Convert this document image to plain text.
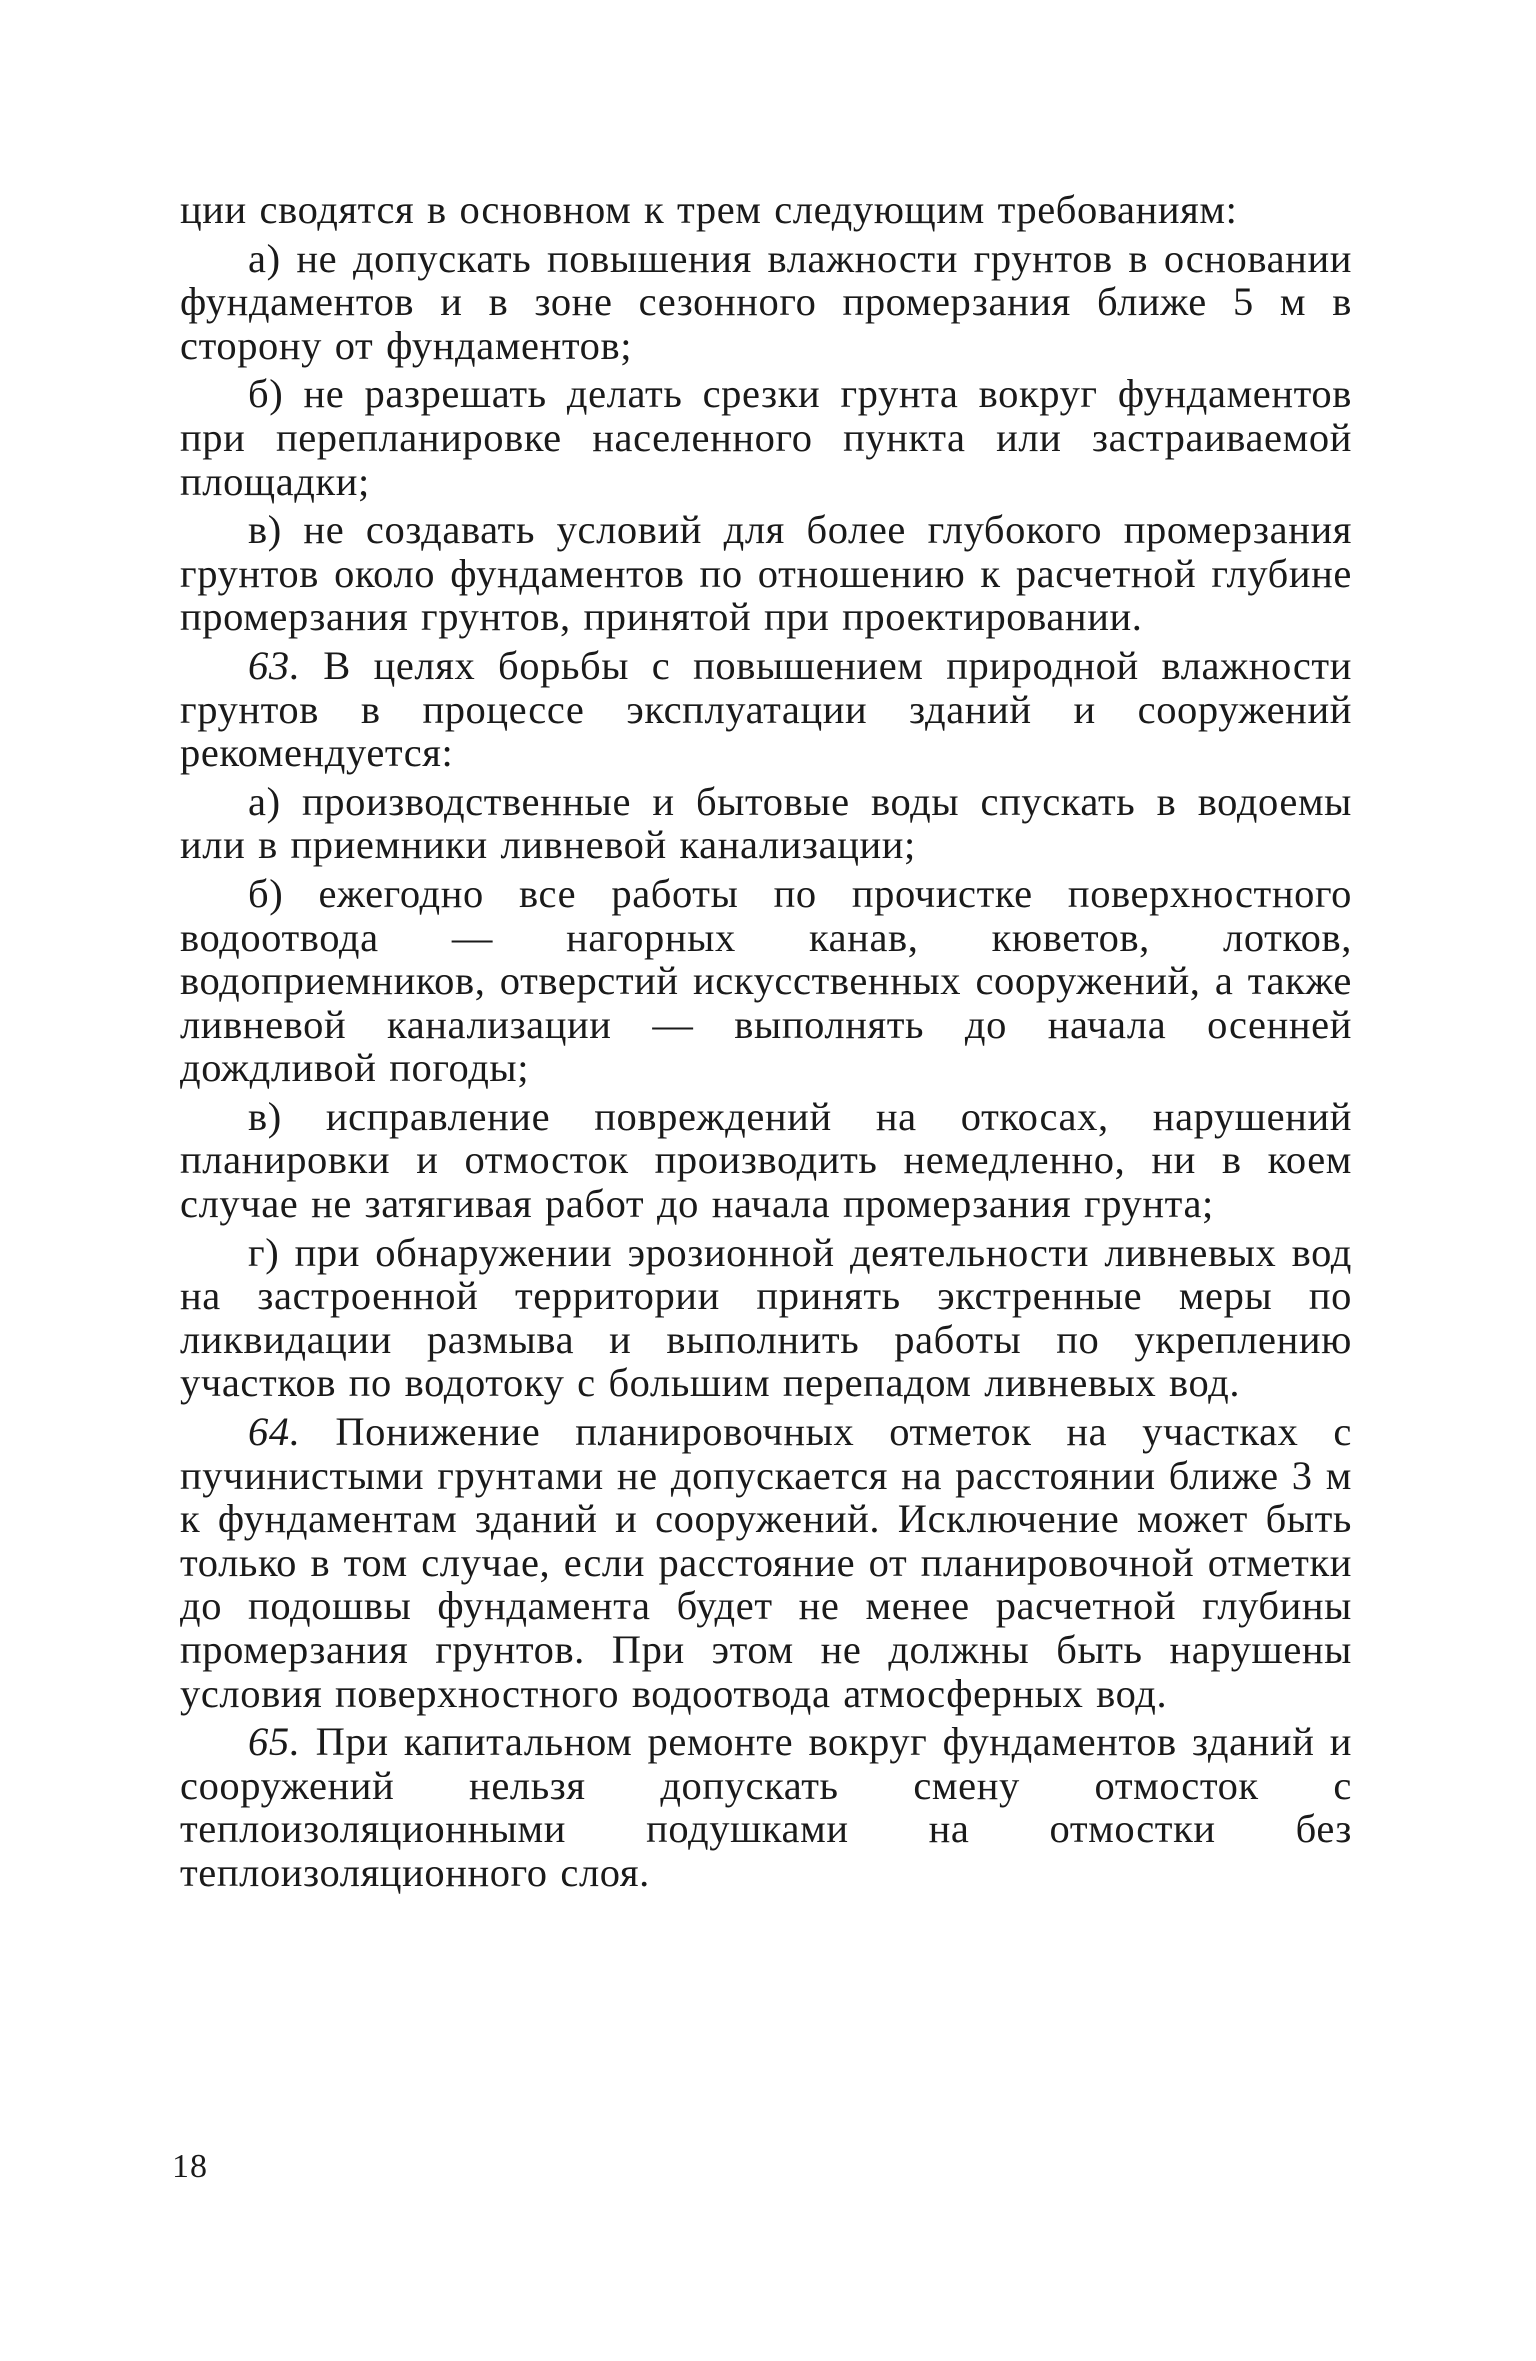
ции сводятся в основном к трем следующим требованиям:

а) не допускать повышения влажности грунтов в основании фундаментов и в зоне сезонного промерзания ближе 5 м в сторону от фундаментов;

б) не разрешать делать срезки грунта вокруг фундаментов при перепланировке населенного пункта или застраиваемой площадки;

в) не создавать условий для более глубокого промерзания грунтов около фундаментов по отношению к расчетной глубине промерзания грунтов, принятой при проектировании.

63. В целях борьбы с повышением природной влажности грунтов в процессе эксплуатации зданий и сооружений рекомендуется:

а) производственные и бытовые воды спускать в водоемы или в приемники ливневой канализации;

б) ежегодно все работы по прочистке поверхностного водоотвода — нагорных канав, кюветов, лотков, водоприемников, отверстий искусственных сооружений, а также ливневой канализации — выполнять до начала осенней дождливой погоды;

в) исправление повреждений на откосах, нарушений планировки и отмосток производить немедленно, ни в коем случае не затягивая работ до начала промерзания грунта;

г) при обнаружении эрозионной деятельности ливневых вод на застроенной территории принять экстренные меры по ликвидации размыва и выполнить работы по укреплению участков по водотоку с большим перепадом ливневых вод.

64. Понижение планировочных отметок на участках с пучинистыми грунтами не допускается на расстоянии ближе 3 м к фундаментам зданий и сооружений. Исключение может быть только в том случае, если расстояние от планировочной отметки до подошвы фундамента будет не менее расчетной глубины промерзания грунтов. При этом не должны быть нарушены условия поверхностного водоотвода атмосферных вод.

65. При капитальном ремонте вокруг фундаментов зданий и сооружений нельзя допускать смену отмосток с теплоизоляционными подушками на отмостки без теплоизоляционного слоя.

18
